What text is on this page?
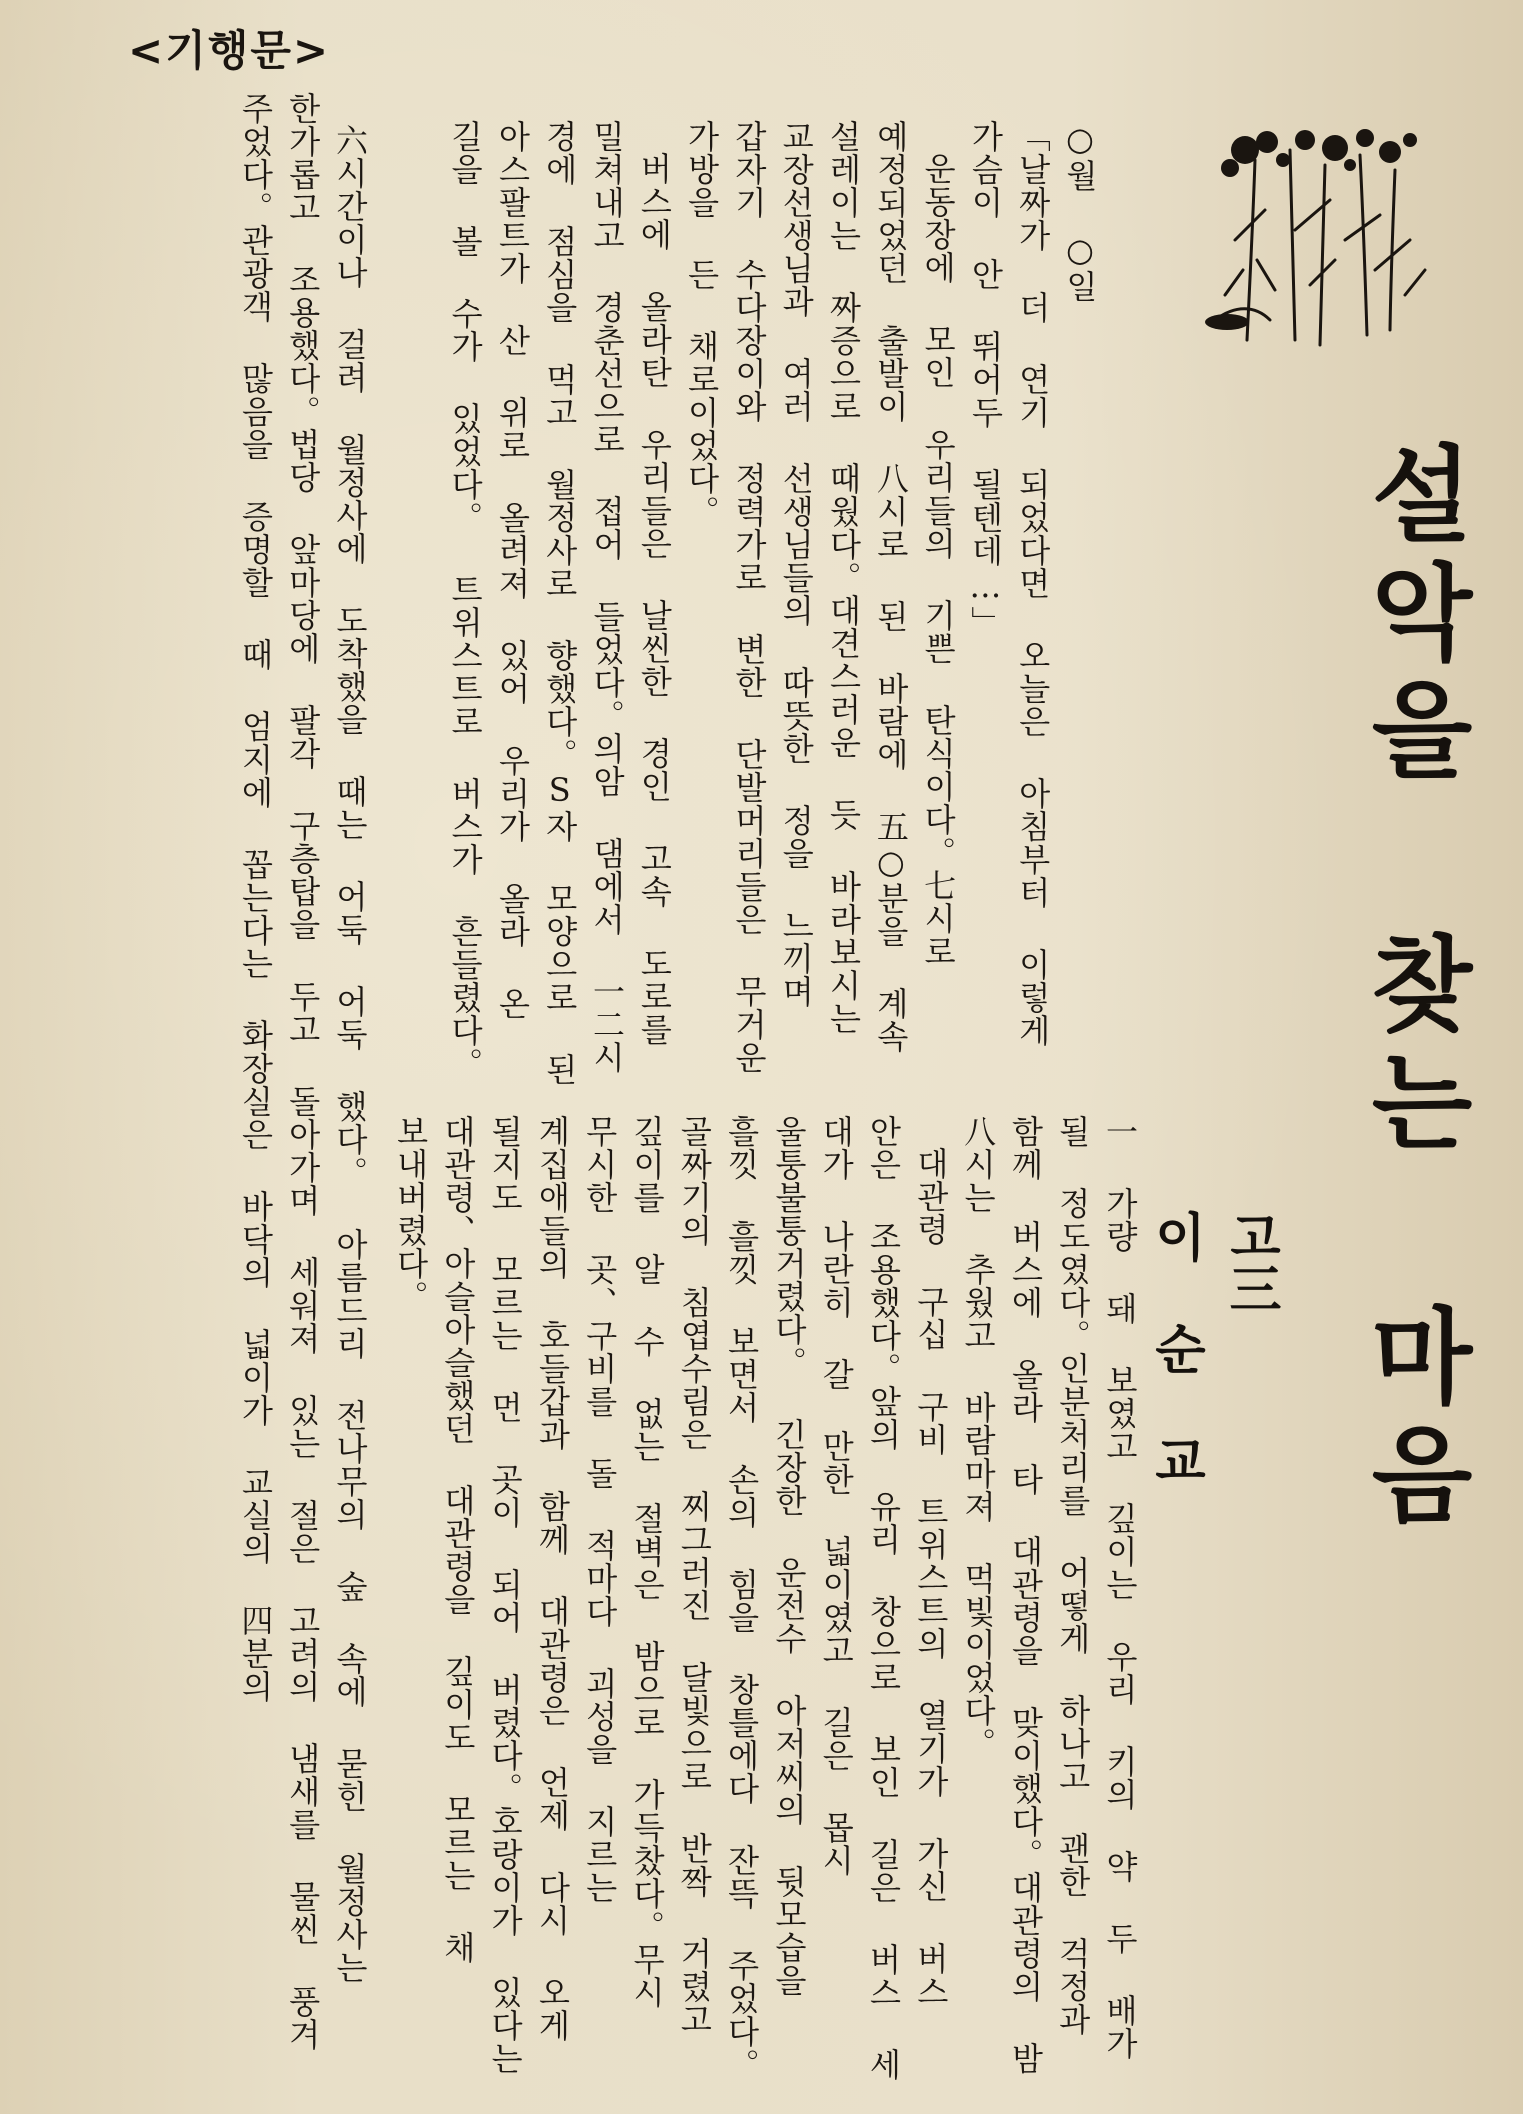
<기행문>
설악을 찾는 마음
고三
이 순 교

○월 ○일

「날짜가 더 연기 되었다면 오늘은 아침부터 이렇게 가슴이 안 뛰어두 될텐데…」

운동장에 모인 우리들의 기쁜 탄식이다。七시로 예정되었던 출발이 八시로 된 바람에 五○분을 계속 설레이는 짜증으로 때웠다。대견스러운 듯 바라보시는 교장선생님과 여러 선생님들의 따뜻한 정을 느끼며 갑자기 수다장이와 정력가로 변한 단발머리들은 무거운 가방을 든 채로이었다。

버스에 올라탄 우리들은 날씬한 경인 고속 도로를 밀쳐내고 경춘선으로 접어 들었다。의암 댐에서 一二시 경에 점심을 먹고 월정사로 향했다。S자 모양으로 된 아스팔트가 산 위로 올려져 있어 우리가 올라 온 길을 볼 수가 있었다。 트위스트로 버스가 흔들렸다。

六시간이나 걸려 월정사에 도착했을 때는 어둑 어둑 했다。 아름드리 전나무의 숲 속에 묻힌 월정사는 한가롭고 조용했다。법당 앞마당에 팔각 구층탑을 두고 돌아가며 세워져 있는 절은 고려의 냄새를 물씬 풍겨 주었다。관광객 많음을 증명할 때 엄지에 꼽는다는 화장실은 바닥의 넓이가 교실의 四분의	一 가량 돼 보였고 깊이는 우리 키의 약 두 배가 될 정도였다。인분처리를 어떻게 하나고 괜한 걱정과 함께 버스에 올라 타 대관령을 맞이했다。대관령의 밤 八시는 추웠고 바람마져 먹빛이었다。

대관령 구십 구비 트위스트의 열기가 가신 버스 안은 조용했다。앞의 유리 창으로 보인 길은 버스 세 대가 나란히 갈 만한 넓이였고 길은 몹시 울퉁불퉁거렸다。 긴장한 운전수 아저씨의 뒷모습을 흘낏 흘낏 보면서 손의 힘을 창틀에다 잔뜩 주었다。골짜기의 침엽수림은 찌그러진 달빛으로 반짝 거렸고 깊이를 알 수 없는 절벽은 밤으로 가득찼다。무시 무시한 곳、구비를 돌 적마다 괴성을 지르는 계집애들의 호들갑과 함께 대관령은 언제 다시 오게 될지도 모르는 먼 곳이 되어 버렸다。호랑이가 있다는 대관령、아슬아슬했던 대관령을 깊이도 모르는 채 보내버렸다。
